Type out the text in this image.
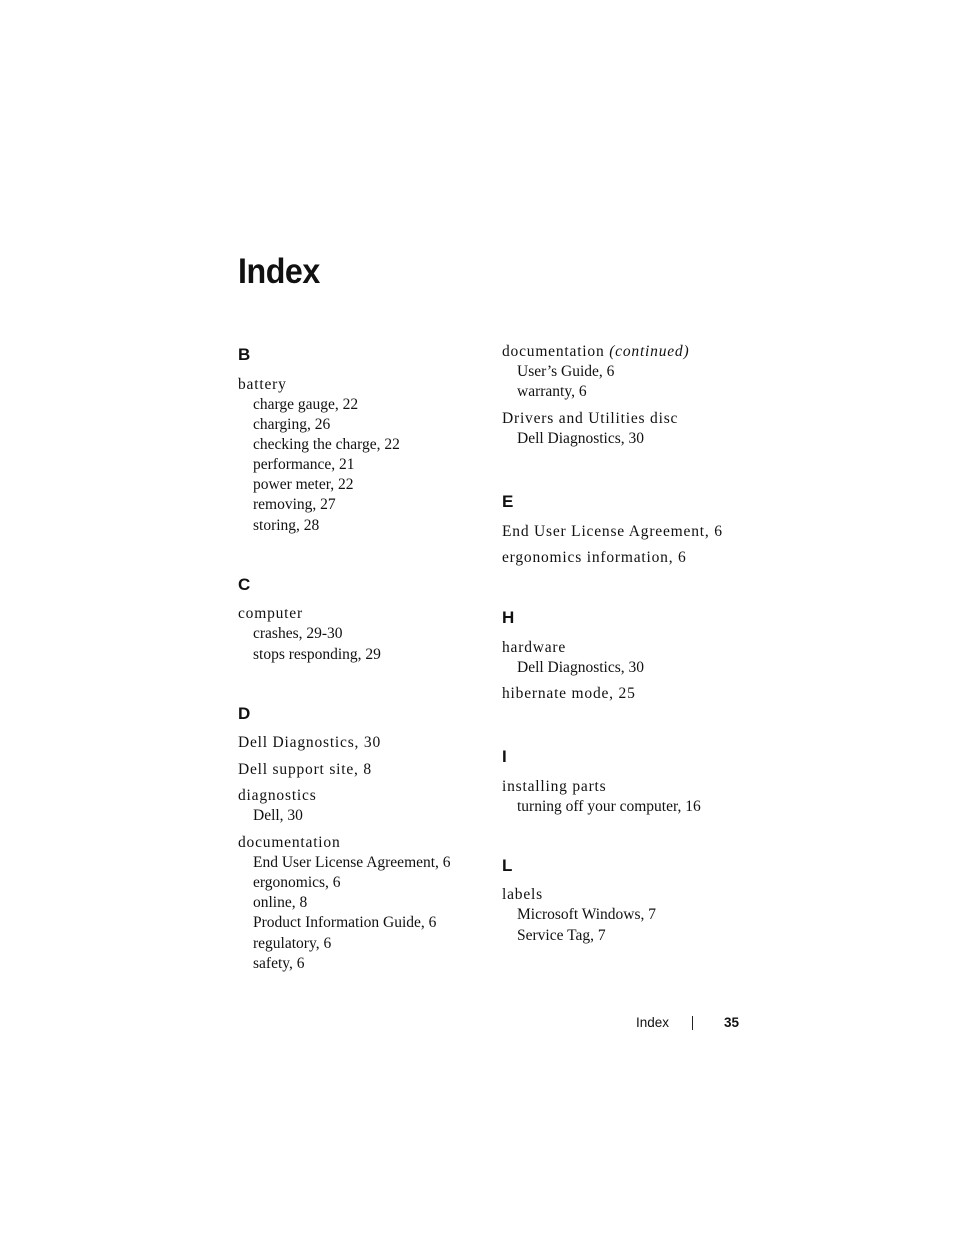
Index
B
battery
charge gauge, 22
charging, 26
checking the charge, 22
performance, 21
power meter, 22
removing, 27
storing, 28
C
computer
crashes, 29-30
stops responding, 29
D
Dell Diagnostics, 30
Dell support site, 8
diagnostics
Dell, 30
documentation
End User License Agreement, 6
ergonomics, 6
online, 8
Product Information Guide, 6
regulatory, 6
safety, 6
documentation (continued)
User’s Guide, 6
warranty, 6
Drivers and Utilities disc
Dell Diagnostics, 30
E
End User License Agreement, 6
ergonomics information, 6
H
hardware
Dell Diagnostics, 30
hibernate mode, 25
I
installing parts
turning off your computer, 16
L
labels
Microsoft Windows, 7
Service Tag, 7
Index	35
